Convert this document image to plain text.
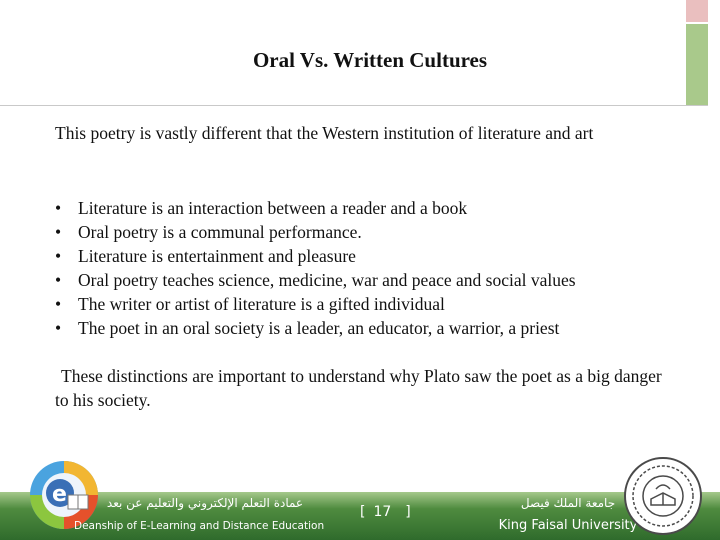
Oral Vs. Written Cultures
This poetry is vastly different that the Western institution of literature and art
• Literature is an interaction between a reader and a book
• Oral poetry is a communal performance.
• Literature is entertainment and pleasure
• Oral poetry teaches science, medicine, war and peace and social values
• The writer or artist of literature is a gifted individual
• The poet in an oral society is a leader, an educator, a warrior, a priest
These distinctions are important to understand why Plato saw the poet as a big danger to his society.
e	عمادة التعلم الإلكتروني والتعليم عن بعد
Deanship of E-Learning and Distance Education
[ 17 ]
جامعة الملك فيصل
King Faisal University
